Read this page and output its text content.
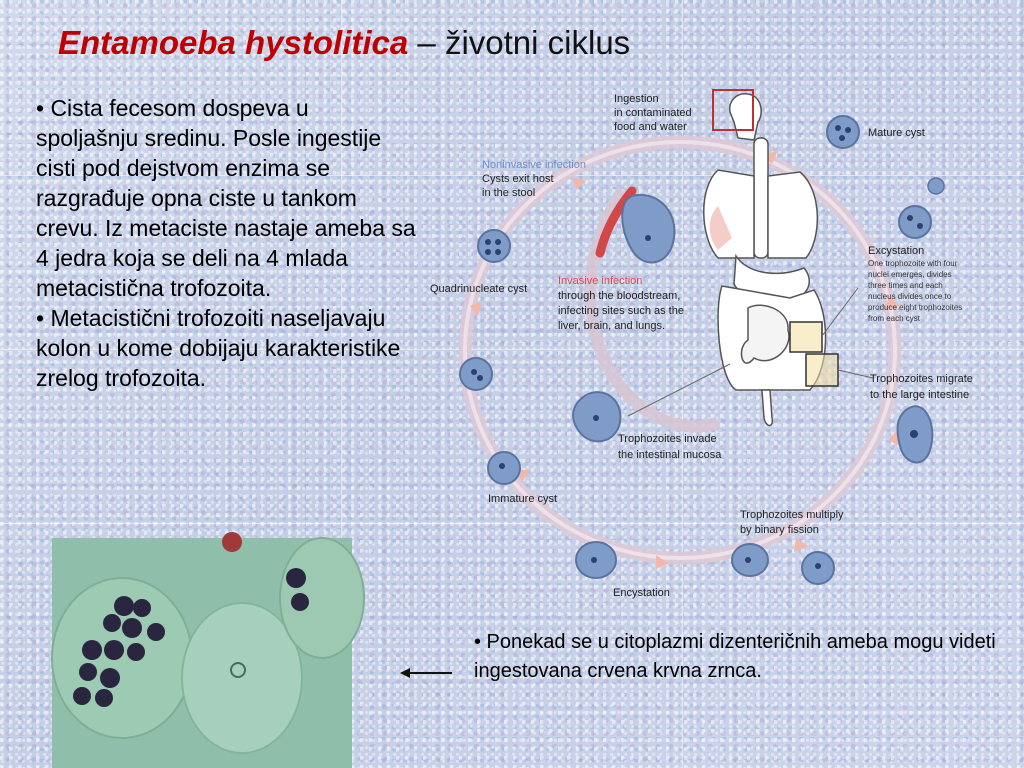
Entamoeba hystolitica – životni ciklus

• Cista fecesom dospeva u spoljašnju sredinu. Posle ingestije cisti pod dejstvom enzima se razgrađuje opna ciste u tankom crevu. Iz metaciste nastaje ameba sa 4 jedra koja se deli na 4 mlada metacistična trofozoita.

• Metacistični trofozoiti naseljavaju kolon u kome dobijaju karakteristike zrelog trofozoita.

Ingestion in contaminated food and water	Mature cyst
Noninvasive infection Cysts exit host in the stool
Excystation
One trophozoite with four nuclei emerges, divides three times and each nucleus divides once to produce eight trophozoites from each cyst
Quadrinucleate cyst
Invasive infection through the bloodstream, infecting sites such as the liver, brain, and lungs.
Trophozoites migrate to the large intestine
Trophozoites invade the intestinal mucosa
Immature cyst
Trophozoites multiply by binary fission
Encystation
• Ponekad se u citoplazmi dizenteričnih ameba mogu videti ingestovana crvena krvna zrnca.
